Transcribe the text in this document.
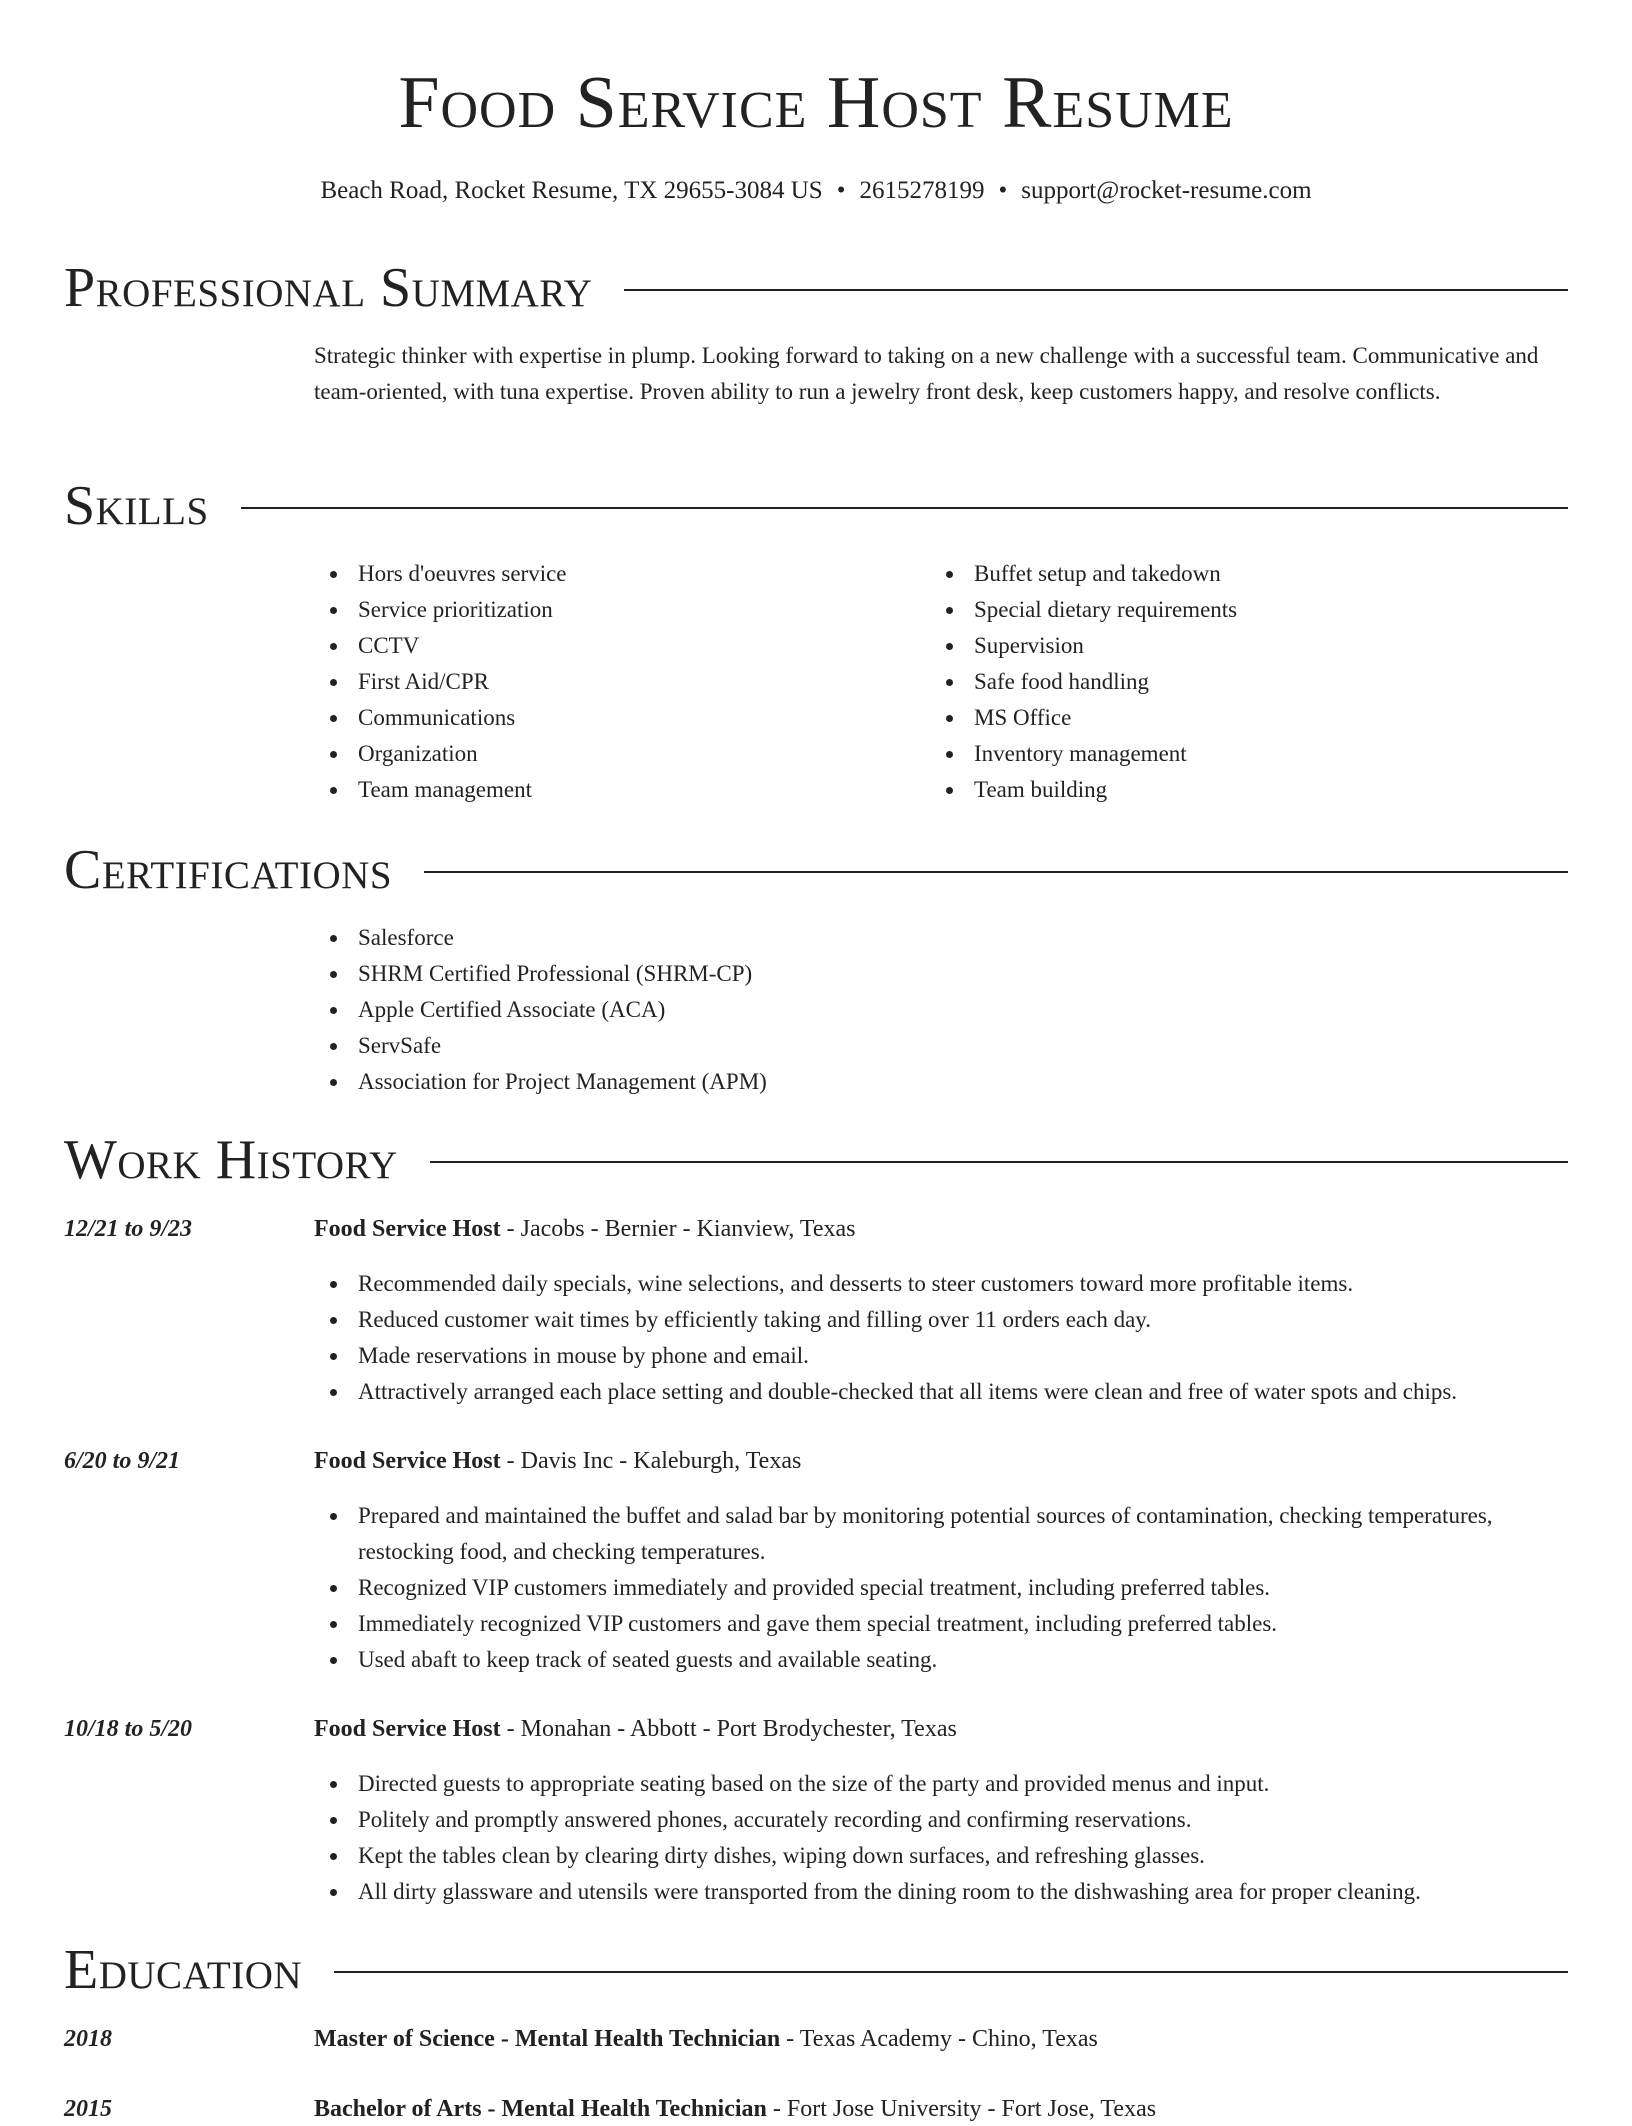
Food Service Host Resume
Beach Road, Rocket Resume, TX 29655-3084 US • 2615278199 • support@rocket-resume.com
Professional Summary

Strategic thinker with expertise in plump. Looking forward to taking on a new challenge with a successful team. Communicative and team-oriented, with tuna expertise. Proven ability to run a jewelry front desk, keep customers happy, and resolve conflicts.

Skills
Hors d'oeuvres service
Service prioritization
CCTV
First Aid/CPR
Communications
Organization
Team management
Buffet setup and takedown
Special dietary requirements
Supervision
Safe food handling
MS Office
Inventory management
Team building
Certifications
Salesforce
SHRM Certified Professional (SHRM-CP)
Apple Certified Associate (ACA)
ServSafe
Association for Project Management (APM)
Work History
12/21 to 9/23	Food Service Host - Jacobs - Bernier - Kianview, Texas
Recommended daily specials, wine selections, and desserts to steer customers toward more profitable items.
Reduced customer wait times by efficiently taking and filling over 11 orders each day.
Made reservations in mouse by phone and email.
Attractively arranged each place setting and double-checked that all items were clean and free of water spots and chips.
6/20 to 9/21	Food Service Host - Davis Inc - Kaleburgh, Texas
Prepared and maintained the buffet and salad bar by monitoring potential sources of contamination, checking temperatures, restocking food, and checking temperatures.
Recognized VIP customers immediately and provided special treatment, including preferred tables.
Immediately recognized VIP customers and gave them special treatment, including preferred tables.
Used abaft to keep track of seated guests and available seating.
10/18 to 5/20	Food Service Host - Monahan - Abbott - Port Brodychester, Texas
Directed guests to appropriate seating based on the size of the party and provided menus and input.
Politely and promptly answered phones, accurately recording and confirming reservations.
Kept the tables clean by clearing dirty dishes, wiping down surfaces, and refreshing glasses.
All dirty glassware and utensils were transported from the dining room to the dishwashing area for proper cleaning.
Education
2018	Master of Science - Mental Health Technician - Texas Academy - Chino, Texas
2015	Bachelor of Arts - Mental Health Technician - Fort Jose University - Fort Jose, Texas
